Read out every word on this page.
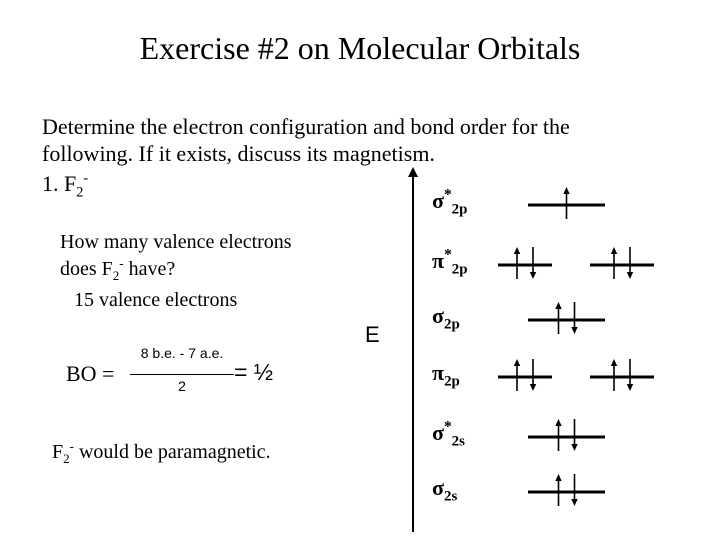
Exercise #2 on Molecular Orbitals
Determine the electron configuration and bond order for the
following. If it exists, discuss its magnetism.
1. $F_2^-$
How many valence electrons
does $F_2^-$ have?
15 valence electrons
BO =
8 b.e. - 7 a.e.
2
= ½
$F_2^-$ would be paramagnetic.
E
$\sigma^*_{2p}$
$\pi^*_{2p}$
$\sigma_{2p}$
$\pi_{2p}$
$\sigma^*_{2s}$
$\sigma_{2s}$
